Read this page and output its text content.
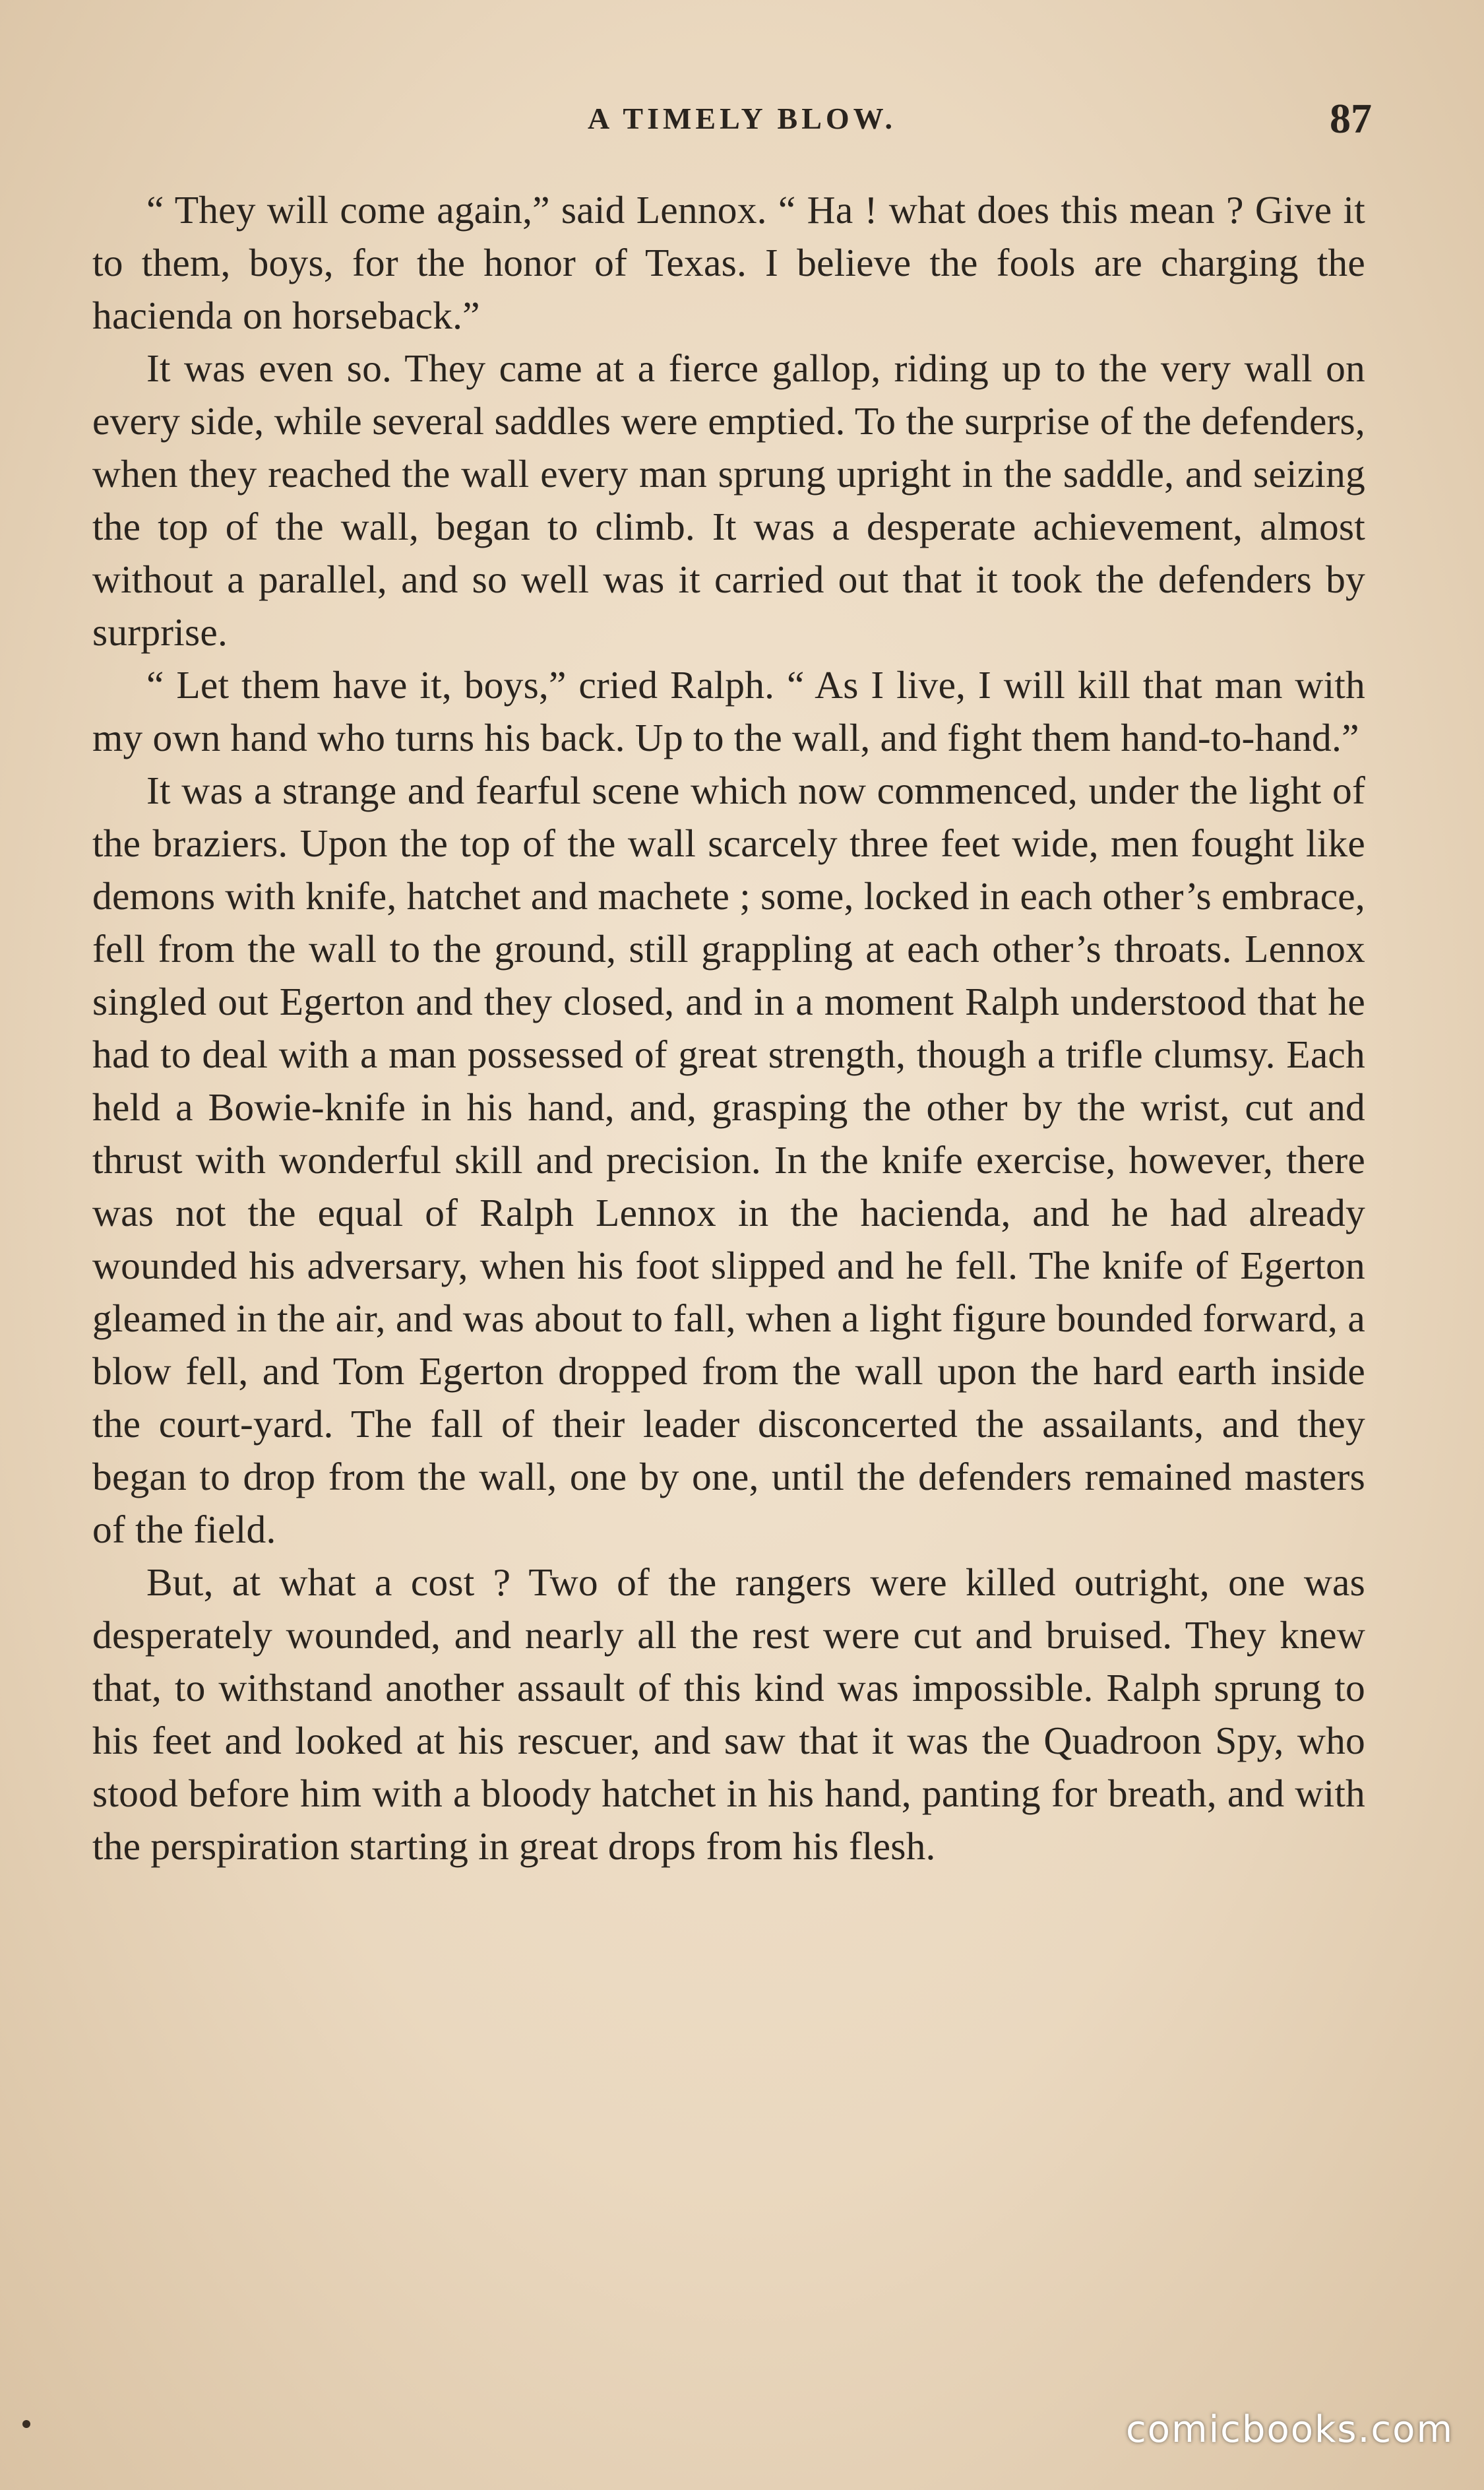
A TIMELY BLOW.	87

“ They will come again,” said Lennox. “ Ha ! what does this mean ? Give it to them, boys, for the honor of Texas. I believe the fools are charging the hacienda on horseback.”

It was even so. They came at a fierce gallop, riding up to the very wall on every side, while several saddles were emptied. To the surprise of the defenders, when they reached the wall every man sprung upright in the saddle, and seizing the top of the wall, began to climb. It was a desperate achievement, almost without a parallel, and so well was it carried out that it took the defenders by surprise.

“ Let them have it, boys,” cried Ralph. “ As I live, I will kill that man with my own hand who turns his back. Up to the wall, and fight them hand-to-hand.”

It was a strange and fearful scene which now commenced, under the light of the braziers. Upon the top of the wall scarcely three feet wide, men fought like demons with knife, hatchet and machete ; some, locked in each other’s embrace, fell from the wall to the ground, still grappling at each other’s throats. Lennox singled out Egerton and they closed, and in a moment Ralph understood that he had to deal with a man possessed of great strength, though a trifle clumsy. Each held a Bowie-knife in his hand, and, grasping the other by the wrist, cut and thrust with wonderful skill and precision. In the knife exercise, however, there was not the equal of Ralph Lennox in the hacienda, and he had already wounded his adversary, when his foot slipped and he fell. The knife of Egerton gleamed in the air, and was about to fall, when a light figure bounded forward, a blow fell, and Tom Egerton dropped from the wall upon the hard earth inside the court-yard. The fall of their leader disconcerted the assailants, and they began to drop from the wall, one by one, until the defenders remained masters of the field.

But, at what a cost ? Two of the rangers were killed outright, one was desperately wounded, and nearly all the rest were cut and bruised. They knew that, to withstand another assault of this kind was impossible. Ralph sprung to his feet and looked at his rescuer, and saw that it was the Quadroon Spy, who stood before him with a bloody hatchet in his hand, panting for breath, and with the perspiration starting in great drops from his flesh.

comicbooks.com
